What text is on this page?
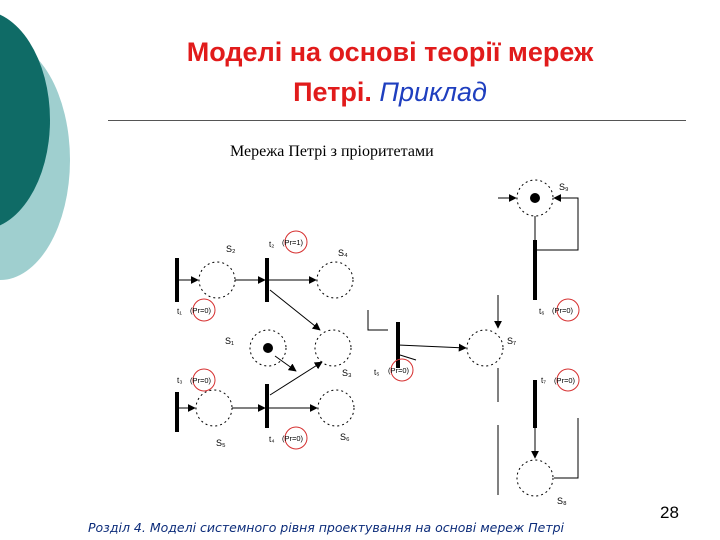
Моделі на основі теорії мереж
Петрі. Приклад
Мережа Петрі з пріоритетами
S₂	S₄
S₁
S₃
S₅
S₆
S₇
S₉
S₈
t₂ (Pr=1)
t₁ (Pr=0)
t₃ (Pr=0)
t₄ (Pr=0)
t₅ (Pr=0)
t₆ (Pr=0)
t₇ (Pr=0)
Розділ 4. Моделі системного рівня проектування на основі мереж Петрі
28
